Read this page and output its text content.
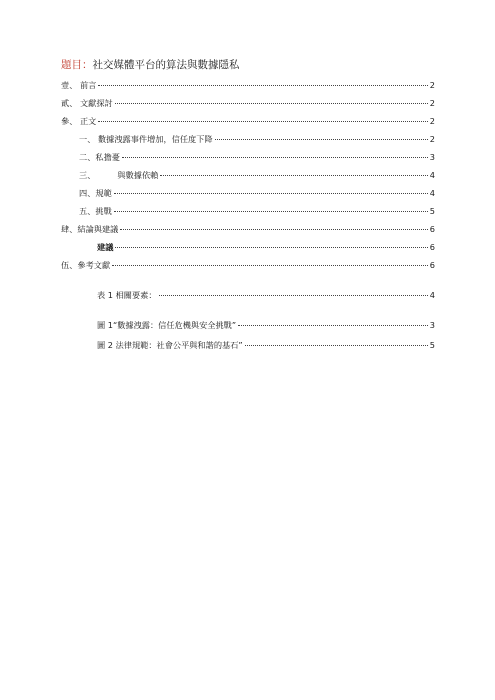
題目：社交媒體平台的算法與數據隱私
壹、 前言	2
貳、 文獻探討	2
參、 正文	2
一、 數據洩露事件增加，信任度下降	2
二、私擔憂	3
三、	與數據依賴	4
四、規範	4
五、挑戰	5
肆、結論與建議	6
建議	6
伍、參考文獻	6
表 1 相關要素：	4
圖 1“數據洩露：信任危機與安全挑戰”	3
圖 2 法律規範：社會公平與和諧的基石”	5
